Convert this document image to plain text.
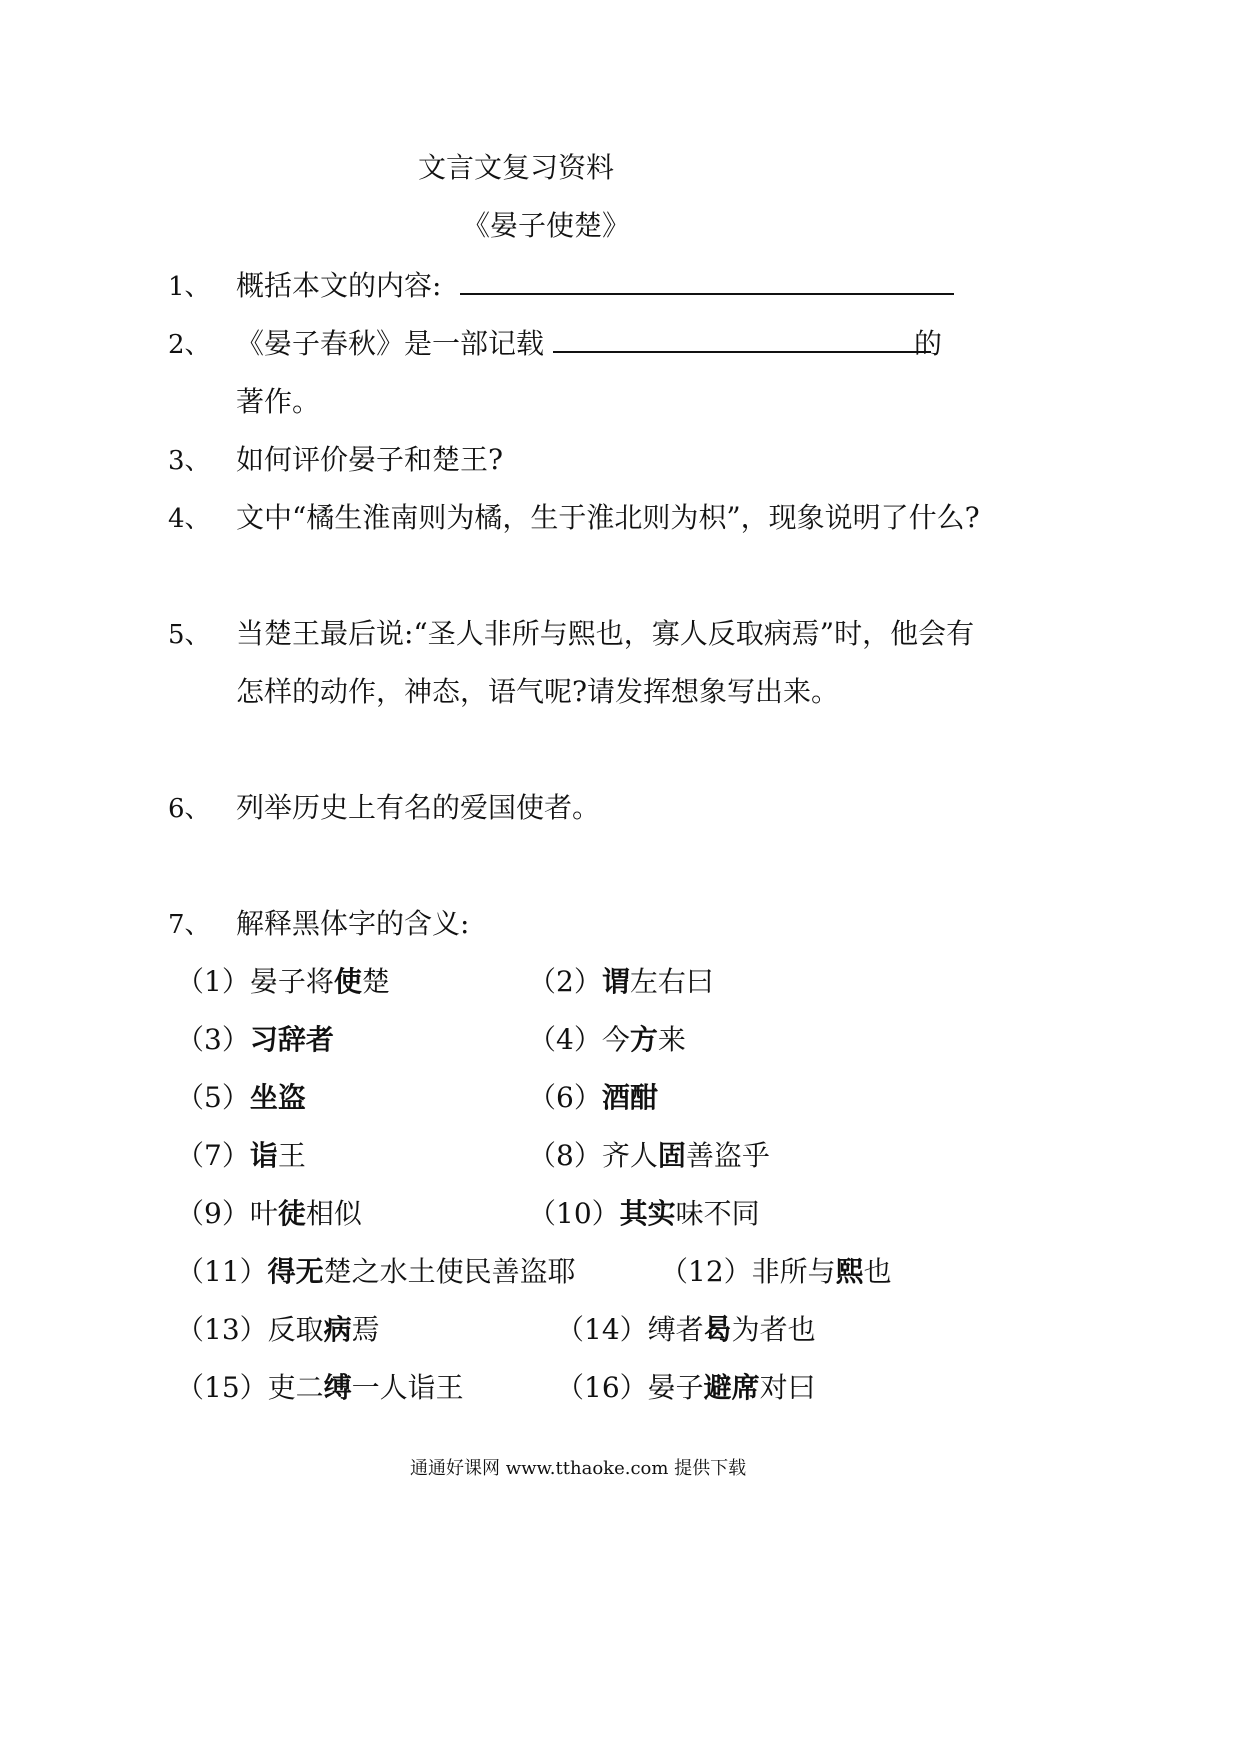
文言文复习资料
《晏子使楚》
1、 概括本文的内容:
2、 《晏子春秋》是一部记载	的
著作。
3、 如何评价晏子和楚王?
4、 文中“橘生淮南则为橘，生于淮北则为枳”，现象说明了什么?
5、 当楚王最后说:“圣人非所与熙也，寡人反取病焉”时，他会有
怎样的动作，神态，语气呢?请发挥想象写出来。
6、 列举历史上有名的爱国使者。
7、 解释黑体字的含义:
（1）晏子将使楚	（2）谓左右曰
（3）习辞者	（4）今方来
（5）坐盗	（6）酒酣
（7）诣王	（8）齐人固善盗乎
（9）叶徒相似	（10）其实味不同
（11）得无楚之水土使民善盗耶	（12）非所与熙也
（13）反取病焉	（14）缚者曷为者也
（15）吏二缚一人诣王	（16）晏子避席对曰
通通好课网 www.tthaoke.com 提供下载
